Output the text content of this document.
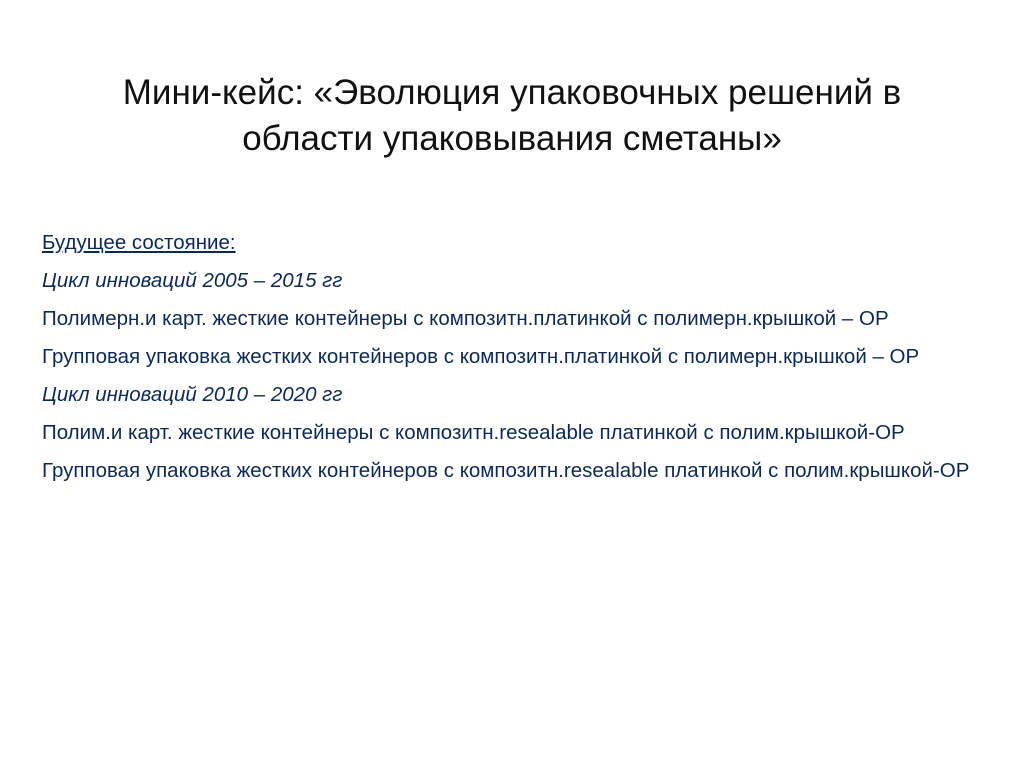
Мини-кейс: «Эволюция упаковочных решений в области упаковывания сметаны»

Будущее состояние:

Цикл инноваций 2005 – 2015 гг

Полимерн.и карт. жесткие контейнеры с композитн.платинкой с полимерн.крышкой – ОР

Групповая упаковка жестких контейнеров с композитн.платинкой с полимерн.крышкой – ОР

Цикл инноваций 2010 – 2020 гг

Полим.и карт. жесткие контейнеры с композитн.resealable платинкой с полим.крышкой-ОР

Групповая упаковка жестких контейнеров с композитн.resealable платинкой с полим.крышкой-ОР
